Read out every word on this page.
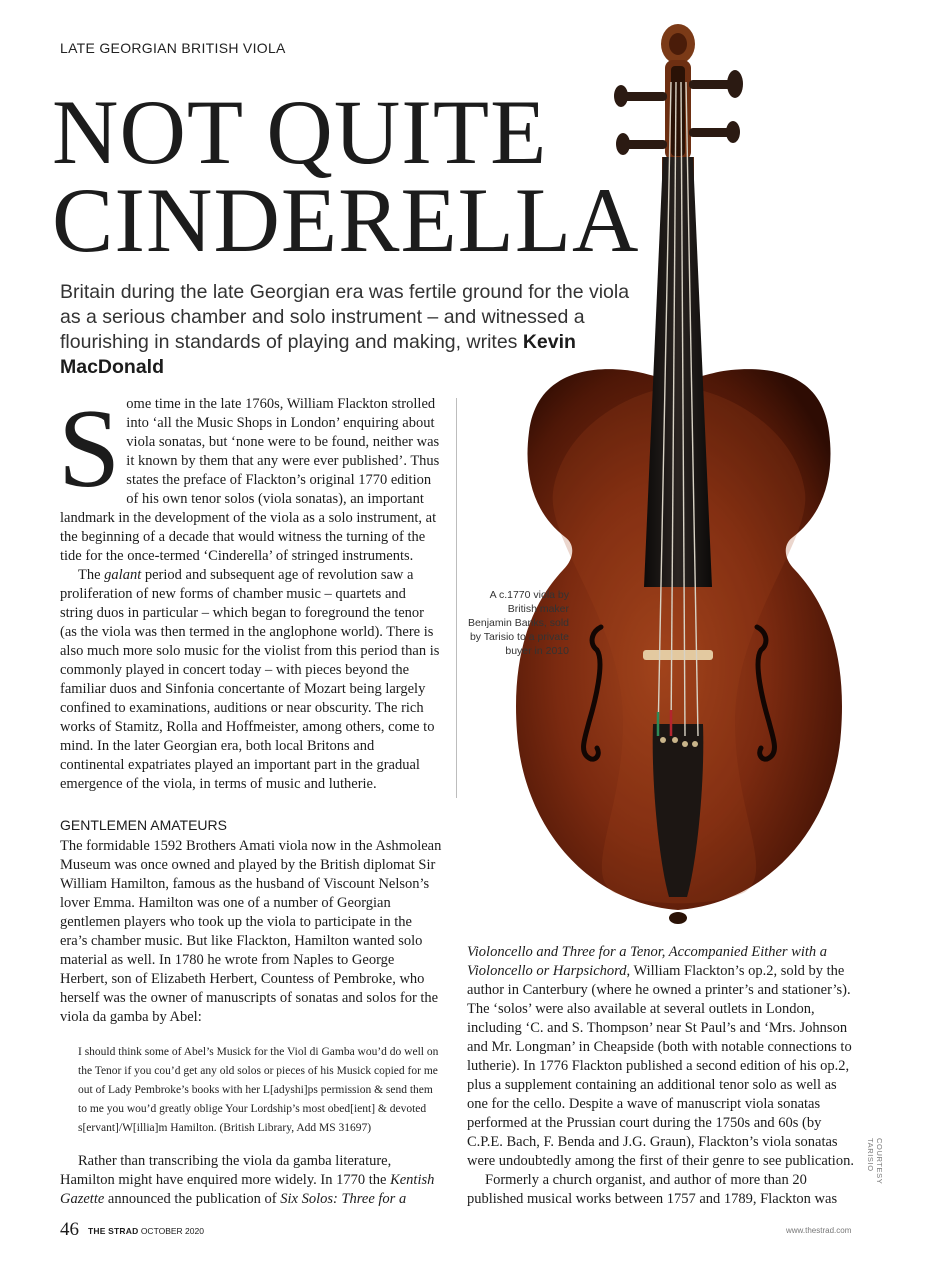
LATE GEORGIAN BRITISH VIOLA
NOT QUITE
CINDERELLA
Britain during the late Georgian era was fertile ground for the viola as a serious chamber and solo instrument – and witnessed a flourishing in standards of playing and making, writes Kevin MacDonald
A c.1770 viola by British maker Benjamin Banks, sold by Tarisio to a private buyer in 2010
COURTESY TARISIO

Some time in the late 1760s, William Flackton strolled into ‘all the Music Shops in London’ enquiring about viola sonatas, but ‘none were to be found, neither was it known by them that any were ever published’. Thus states the preface of Flackton’s original 1770 edition of his own tenor solos (viola sonatas), an important landmark in the development of the viola as a solo instrument, at the beginning of a decade that would witness the turning of the tide for the once-termed ‘Cinderella’ of stringed instruments.

The galant period and subsequent age of revolution saw a proliferation of new forms of chamber music – quartets and string duos in particular – which began to foreground the tenor (as the viola was then termed in the anglophone world). There is also much more solo music for the violist from this period than is commonly played in concert today – with pieces beyond the familiar duos and Sinfonia concertante of Mozart being largely confined to examinations, auditions or near obscurity. The rich works of Stamitz, Rolla and Hoffmeister, among others, come to mind. In the later Georgian era, both local Britons and continental expatriates played an important part in the gradual emergence of the viola, in terms of music and lutherie.

GENTLEMEN AMATEURS

The formidable 1592 Brothers Amati viola now in the Ashmolean Museum was once owned and played by the British diplomat Sir William Hamilton, famous as the husband of Viscount Nelson’s lover Emma. Hamilton was one of a number of Georgian gentlemen players who took up the viola to participate in the era’s chamber music. But like Flackton, Hamilton wanted solo material as well. In 1780 he wrote from Naples to George Herbert, son of Elizabeth Herbert, Countess of Pembroke, who herself was the owner of manuscripts of sonatas and solos for the viola da gamba by Abel:

I should think some of Abel’s Musick for the Viol di Gamba wou’d do well on the Tenor if you cou’d get any old solos or pieces of his Musick copied for me out of Lady Pembroke’s books with her L[adyshi]ps permission & send them to me you wou’d greatly oblige Your Lordship’s most obed[ient] & devoted s[ervant]/W[illia]m Hamilton. (British Library, Add MS 31697)

Rather than transcribing the viola da gamba literature, Hamilton might have enquired more widely. In 1770 the Kentish Gazette announced the publication of Six Solos: Three for a

Violoncello and Three for a Tenor, Accompanied Either with a Violoncello or Harpsichord, William Flackton’s op.2, sold by the author in Canterbury (where he owned a printer’s and stationer’s). The ‘solos’ were also available at several outlets in London, including ‘C. and S. Thompson’ near St Paul’s and ‘Mrs. Johnson and Mr. Longman’ in Cheapside (both with notable connections to lutherie). In 1776 Flackton published a second edition of his op.2, plus a supplement containing an additional tenor solo as well as one for the cello. Despite a wave of manuscript viola sonatas performed at the Prussian court during the 1750s and 60s (by C.P.E. Bach, F. Benda and J.G. Graun), Flackton’s viola sonatas were undoubtedly among the first of their genre to see publication.

Formerly a church organist, and author of more than 20 published musical works between 1757 and 1789, Flackton was

46 THE STRAD OCTOBER 2020	www.thestrad.com
